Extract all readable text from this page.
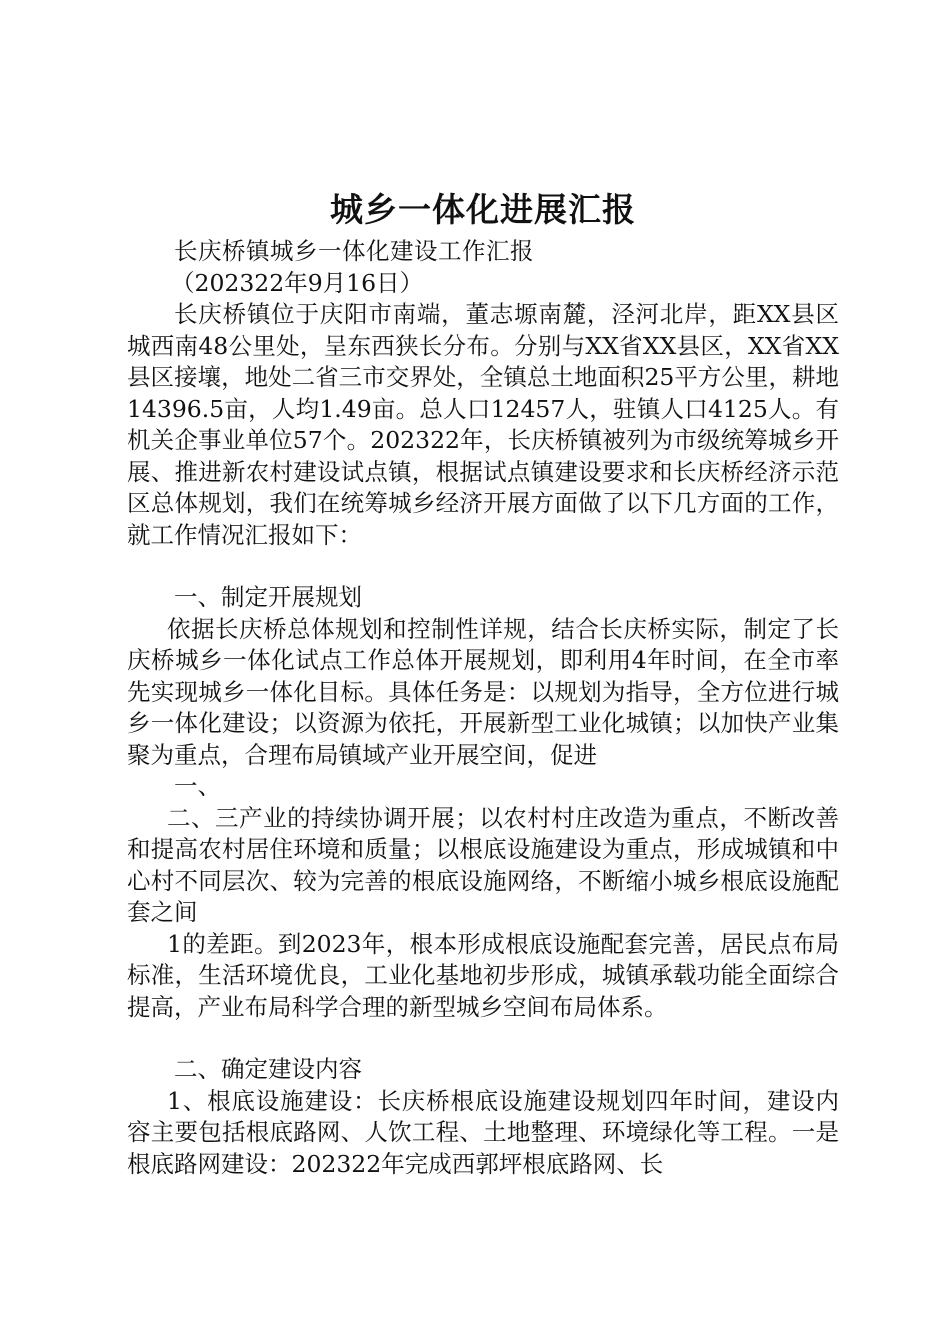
城乡一体化进展汇报

长庆桥镇城乡一体化建设工作汇报

（202322年9月16日）

长庆桥镇位于庆阳市南端，董志塬南麓，泾河北岸，距XX县区城西南48公里处，呈东西狭长分布。分别与XX省XX县区，XX省XX县区接壤，地处二省三市交界处，全镇总土地面积25平方公里，耕地14396.5亩，人均1.49亩。总人口12457人，驻镇人口4125人。有机关企事业单位57个。202322年，长庆桥镇被列为市级统筹城乡开展、推进新农村建设试点镇，根据试点镇建设要求和长庆桥经济示范区总体规划，我们在统筹城乡经济开展方面做了以下几方面的工作，就工作情况汇报如下：

一、制定开展规划

依据长庆桥总体规划和控制性详规，结合长庆桥实际，制定了长庆桥城乡一体化试点工作总体开展规划，即利用4年时间，在全市率先实现城乡一体化目标。具体任务是：以规划为指导，全方位进行城乡一体化建设；以资源为依托，开展新型工业化城镇；以加快产业集聚为重点，合理布局镇域产业开展空间，促进

一、

二、三产业的持续协调开展；以农村村庄改造为重点，不断改善和提高农村居住环境和质量；以根底设施建设为重点，形成城镇和中心村不同层次、较为完善的根底设施网络，不断缩小城乡根底设施配套之间

1的差距。到2023年，根本形成根底设施配套完善，居民点布局标准，生活环境优良，工业化基地初步形成，城镇承载功能全面综合提高，产业布局科学合理的新型城乡空间布局体系。

二、确定建设内容

1、根底设施建设：长庆桥根底设施建设规划四年时间，建设内容主要包括根底路网、人饮工程、土地整理、环境绿化等工程。一是根底路网建设：202322年完成西郭坪根底路网、长
